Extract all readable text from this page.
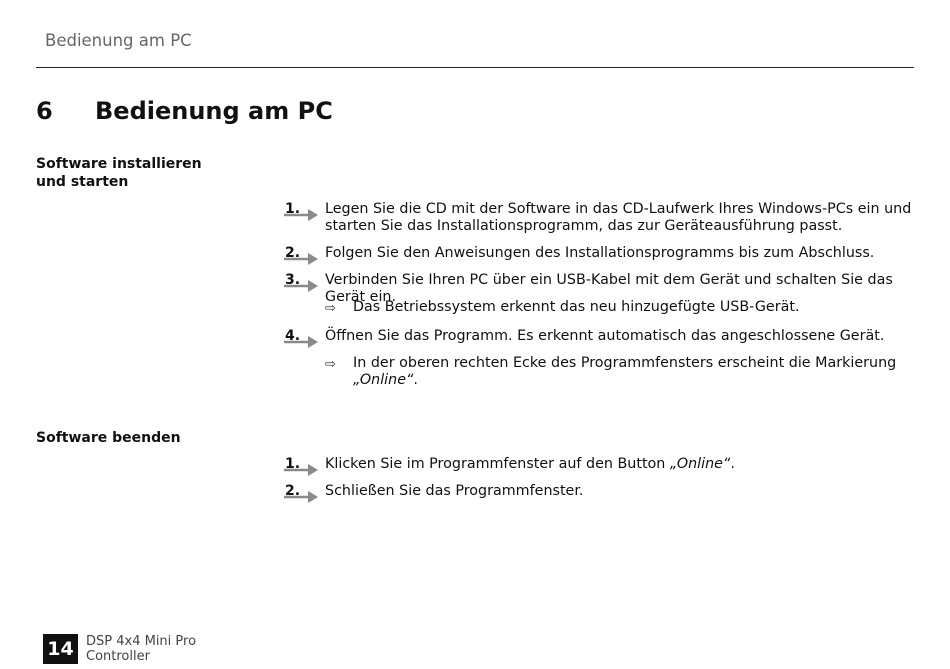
Bedienung am PC
6 Bedienung am PC
Software installieren und starten
1. Legen Sie die CD mit der Software in das CD-Laufwerk Ihres Windows-PCs ein und starten Sie das Installationsprogramm, das zur Geräteausführung passt.
2. Folgen Sie den Anweisungen des Installationsprogramms bis zum Abschluss.
3. Verbinden Sie Ihren PC über ein USB-Kabel mit dem Gerät und schalten Sie das Gerät ein.
⇨ Das Betriebssystem erkennt das neu hinzugefügte USB-Gerät.
4. Öffnen Sie das Programm. Es erkennt automatisch das angeschlossene Gerät.
⇨ In der oberen rechten Ecke des Programmfensters erscheint die Markierung „Online“.
Software beenden
1. Klicken Sie im Programmfenster auf den Button „Online“.
2. Schließen Sie das Programmfenster.
14 DSP 4x4 Mini Pro
Controller
